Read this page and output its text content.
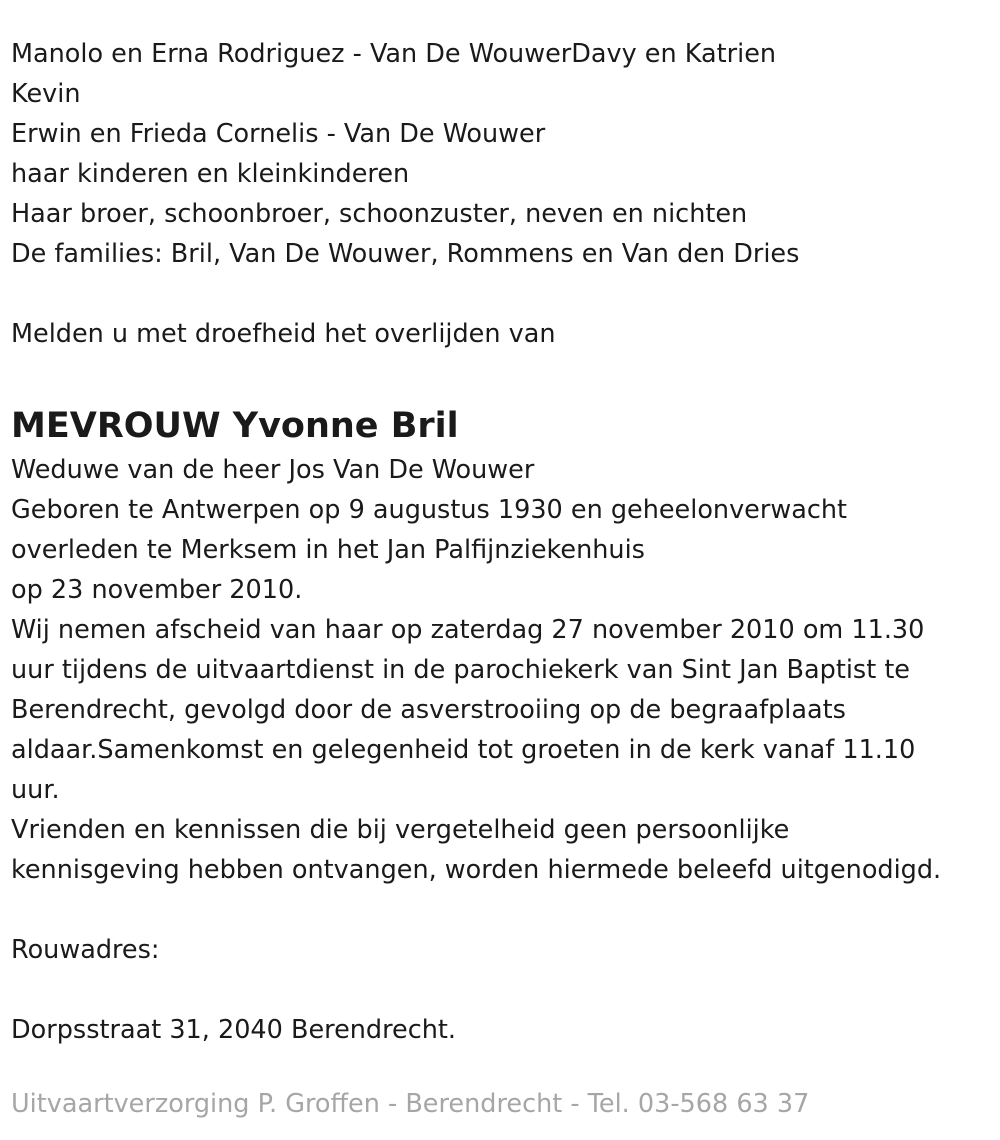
Manolo en Erna Rodriguez - Van De WouwerDavy en Katrien

Kevin

Erwin en Frieda Cornelis - Van De Wouwer

haar kinderen en kleinkinderen

Haar broer, schoonbroer, schoonzuster, neven en nichten

De families: Bril, Van De Wouwer, Rommens en Van den Dries

Melden u met droefheid het overlijden van

MEVROUW Yvonne Bril

Weduwe van de heer Jos Van De Wouwer

Geboren te Antwerpen op 9 augustus 1930 en geheelonverwacht

overleden te Merksem in het Jan Palfijnziekenhuis

op 23 november 2010.

Wij nemen afscheid van haar op zaterdag 27 november 2010 om 11.30

uur tijdens de uitvaartdienst in de parochiekerk van Sint Jan Baptist te

Berendrecht, gevolgd door de asverstrooiing op de begraafplaats

aldaar.Samenkomst en gelegenheid tot groeten in de kerk vanaf 11.10

uur.

Vrienden en kennissen die bij vergetelheid geen persoonlijke

kennisgeving hebben ontvangen, worden hiermede beleefd uitgenodigd.

Rouwadres:

Dorpsstraat 31, 2040 Berendrecht.

Uitvaartverzorging P. Groffen - Berendrecht - Tel. 03-568 63 37
